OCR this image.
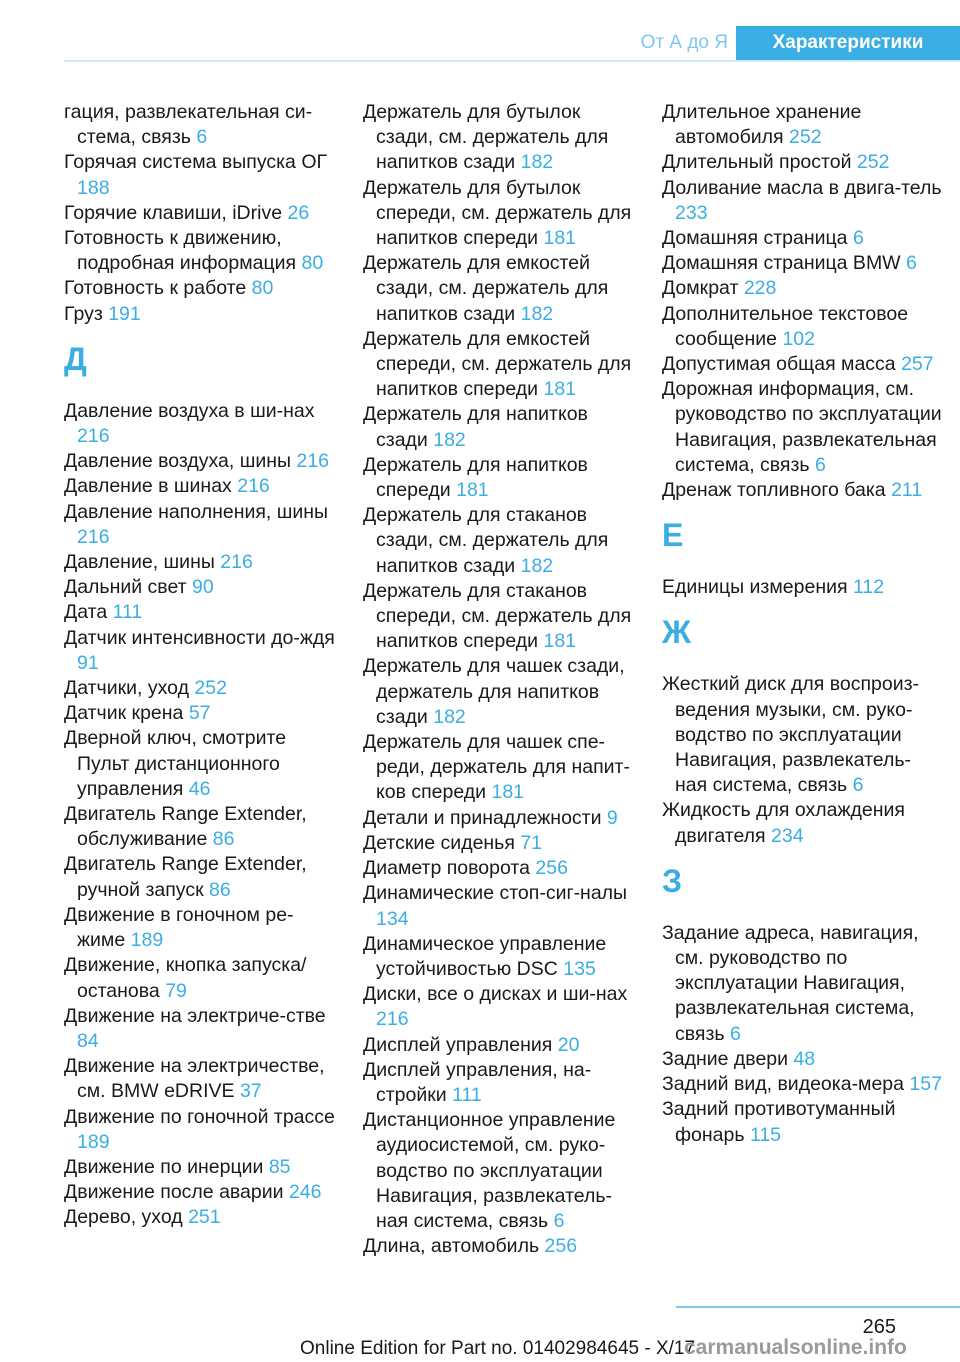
От А до Я	Характеристики
гация, развлекательная си-стема, связь 6
Горячая система выпуска ОГ 188
Горячие клавиши, iDrive 26
Готовность к движению, подробная информация 80
Готовность к работе 80
Груз 191
Д
Давление воздуха в ши-нах 216
Давление воздуха, шины 216
Давление в шинах 216
Давление наполнения, шины 216
Давление, шины 216
Дальний свет 90
Дата 111
Датчик интенсивности до-ждя 91
Датчики, уход 252
Датчик крена 57
Дверной ключ, смотрите Пульт дистанционного управления 46
Двигатель Range Extender, обслуживание 86
Двигатель Range Extender, ручной запуск 86
Движение в гоночном ре-жиме 189
Движение, кнопка запуска/останова 79
Движение на электриче-стве 84
Движение на электричестве, см. BMW eDRIVE 37
Движение по гоночной трассе 189
Движение по инерции 85
Движение после аварии 246
Дерево, уход 251
Держатель для бутылок сзади, см. держатель для напитков сзади 182
Держатель для бутылок спереди, см. держатель для напитков спереди 181
Держатель для емкостей сзади, см. держатель для напитков сзади 182
Держатель для емкостей спереди, см. держатель для напитков спереди 181
Держатель для напитков сзади 182
Держатель для напитков спереди 181
Держатель для стаканов сзади, см. держатель для напитков сзади 182
Держатель для стаканов спереди, см. держатель для напитков спереди 181
Держатель для чашек сзади, держатель для напитков сзади 182
Держатель для чашек спе-реди, держатель для напит-ков спереди 181
Детали и принадлежности 9
Детские сиденья 71
Диаметр поворота 256
Динамические стоп-сиг-налы 134
Динамическое управление устойчивостью DSC 135
Диски, все о дисках и ши-нах 216
Дисплей управления 20
Дисплей управления, на-стройки 111
Дистанционное управление аудиосистемой, см. руко-водство по эксплуатации Навигация, развлекатель-ная система, связь 6
Длина, автомобиль 256
Длительное хранение автомобиля 252
Длительный простой 252
Доливание масла в двига-тель 233
Домашняя страница 6
Домашняя страница BMW 6
Домкрат 228
Дополнительное текстовое сообщение 102
Допустимая общая масса 257
Дорожная информация, см. руководство по эксплуатации Навигация, развлекательная система, связь 6
Дренаж топливного бака 211
Е
Единицы измерения 112
Ж
Жесткий диск для воспроиз-ведения музыки, см. руко-водство по эксплуатации Навигация, развлекатель-ная система, связь 6
Жидкость для охлаждения двигателя 234
З
Задание адреса, навигация, см. руководство по эксплуатации Навигация, развлекательная система, связь 6
Задние двери 48
Задний вид, видеока-мера 157
Задний противотуманный фонарь 115
265
Online Edition for Part no. 01402984645 - X/17
carmanualsonline.info
